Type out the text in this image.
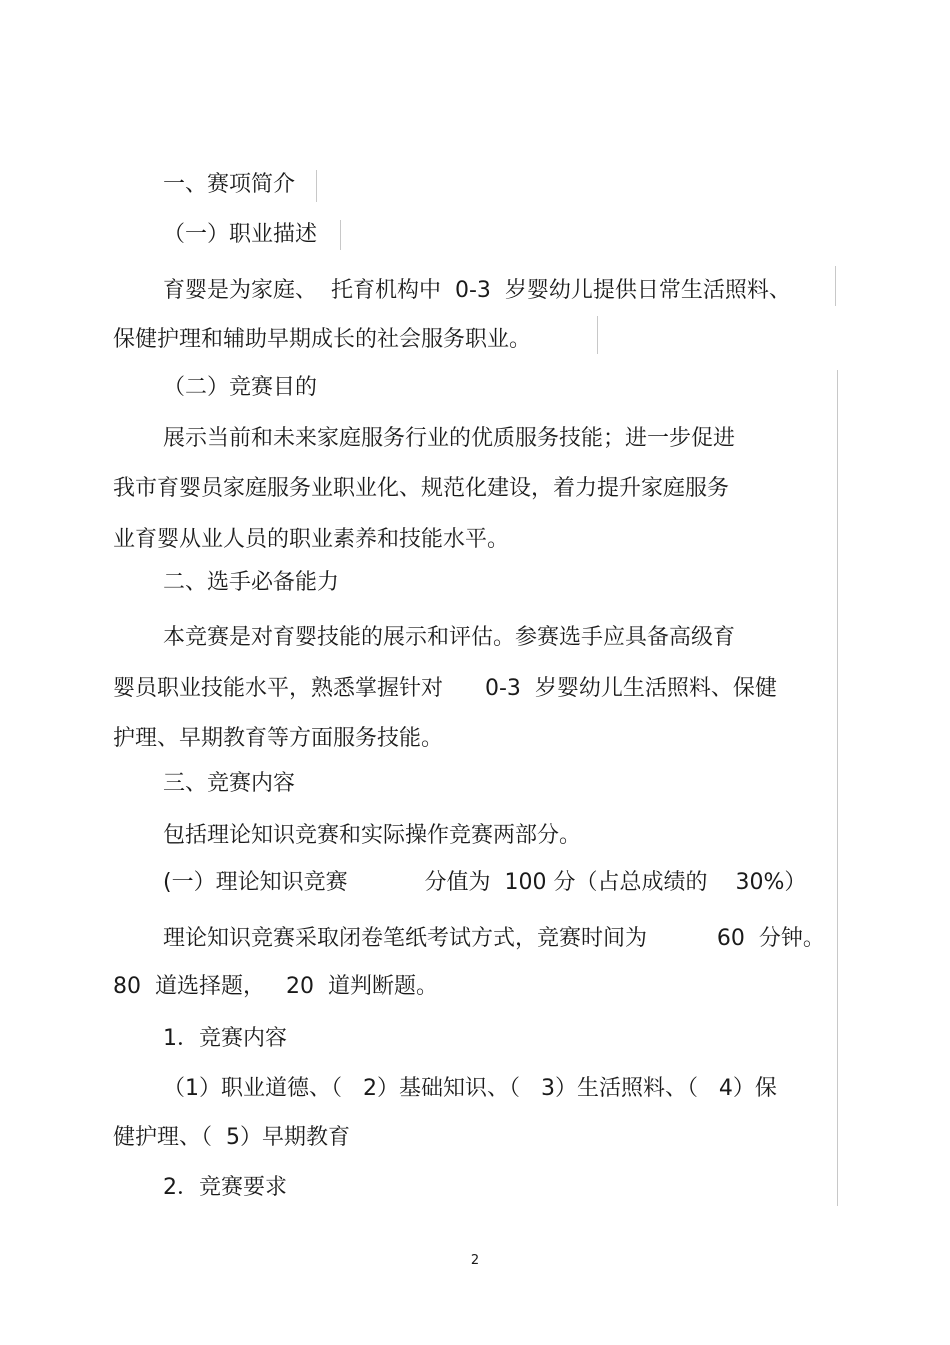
一、赛项简介
（一）职业描述
育婴是为家庭、  托育机构中  0-3  岁婴幼儿提供日常生活照料、
保健护理和辅助早期成长的社会服务职业。
（二）竞赛目的
展示当前和未来家庭服务行业的优质服务技能；进一步促进
我市育婴员家庭服务业职业化、规范化建设，着力提升家庭服务
业育婴从业人员的职业素养和技能水平。
二、选手必备能力
本竞赛是对育婴技能的展示和评估。参赛选手应具备高级育
婴员职业技能水平，熟悉掌握针对      0-3  岁婴幼儿生活照料、保健
护理、早期教育等方面服务技能。
三、竞赛内容
包括理论知识竞赛和实际操作竞赛两部分。
(一）理论知识竞赛           分值为  100 分（占总成绩的    30%）
理论知识竞赛采取闭卷笔纸考试方式，竞赛时间为          60  分钟。
80  道选择题，   20  道判断题。
1．竞赛内容
（1）职业道德、（   2）基础知识、（   3）生活照料、（   4）保
健护理、（  5）早期教育
2．竞赛要求
2
